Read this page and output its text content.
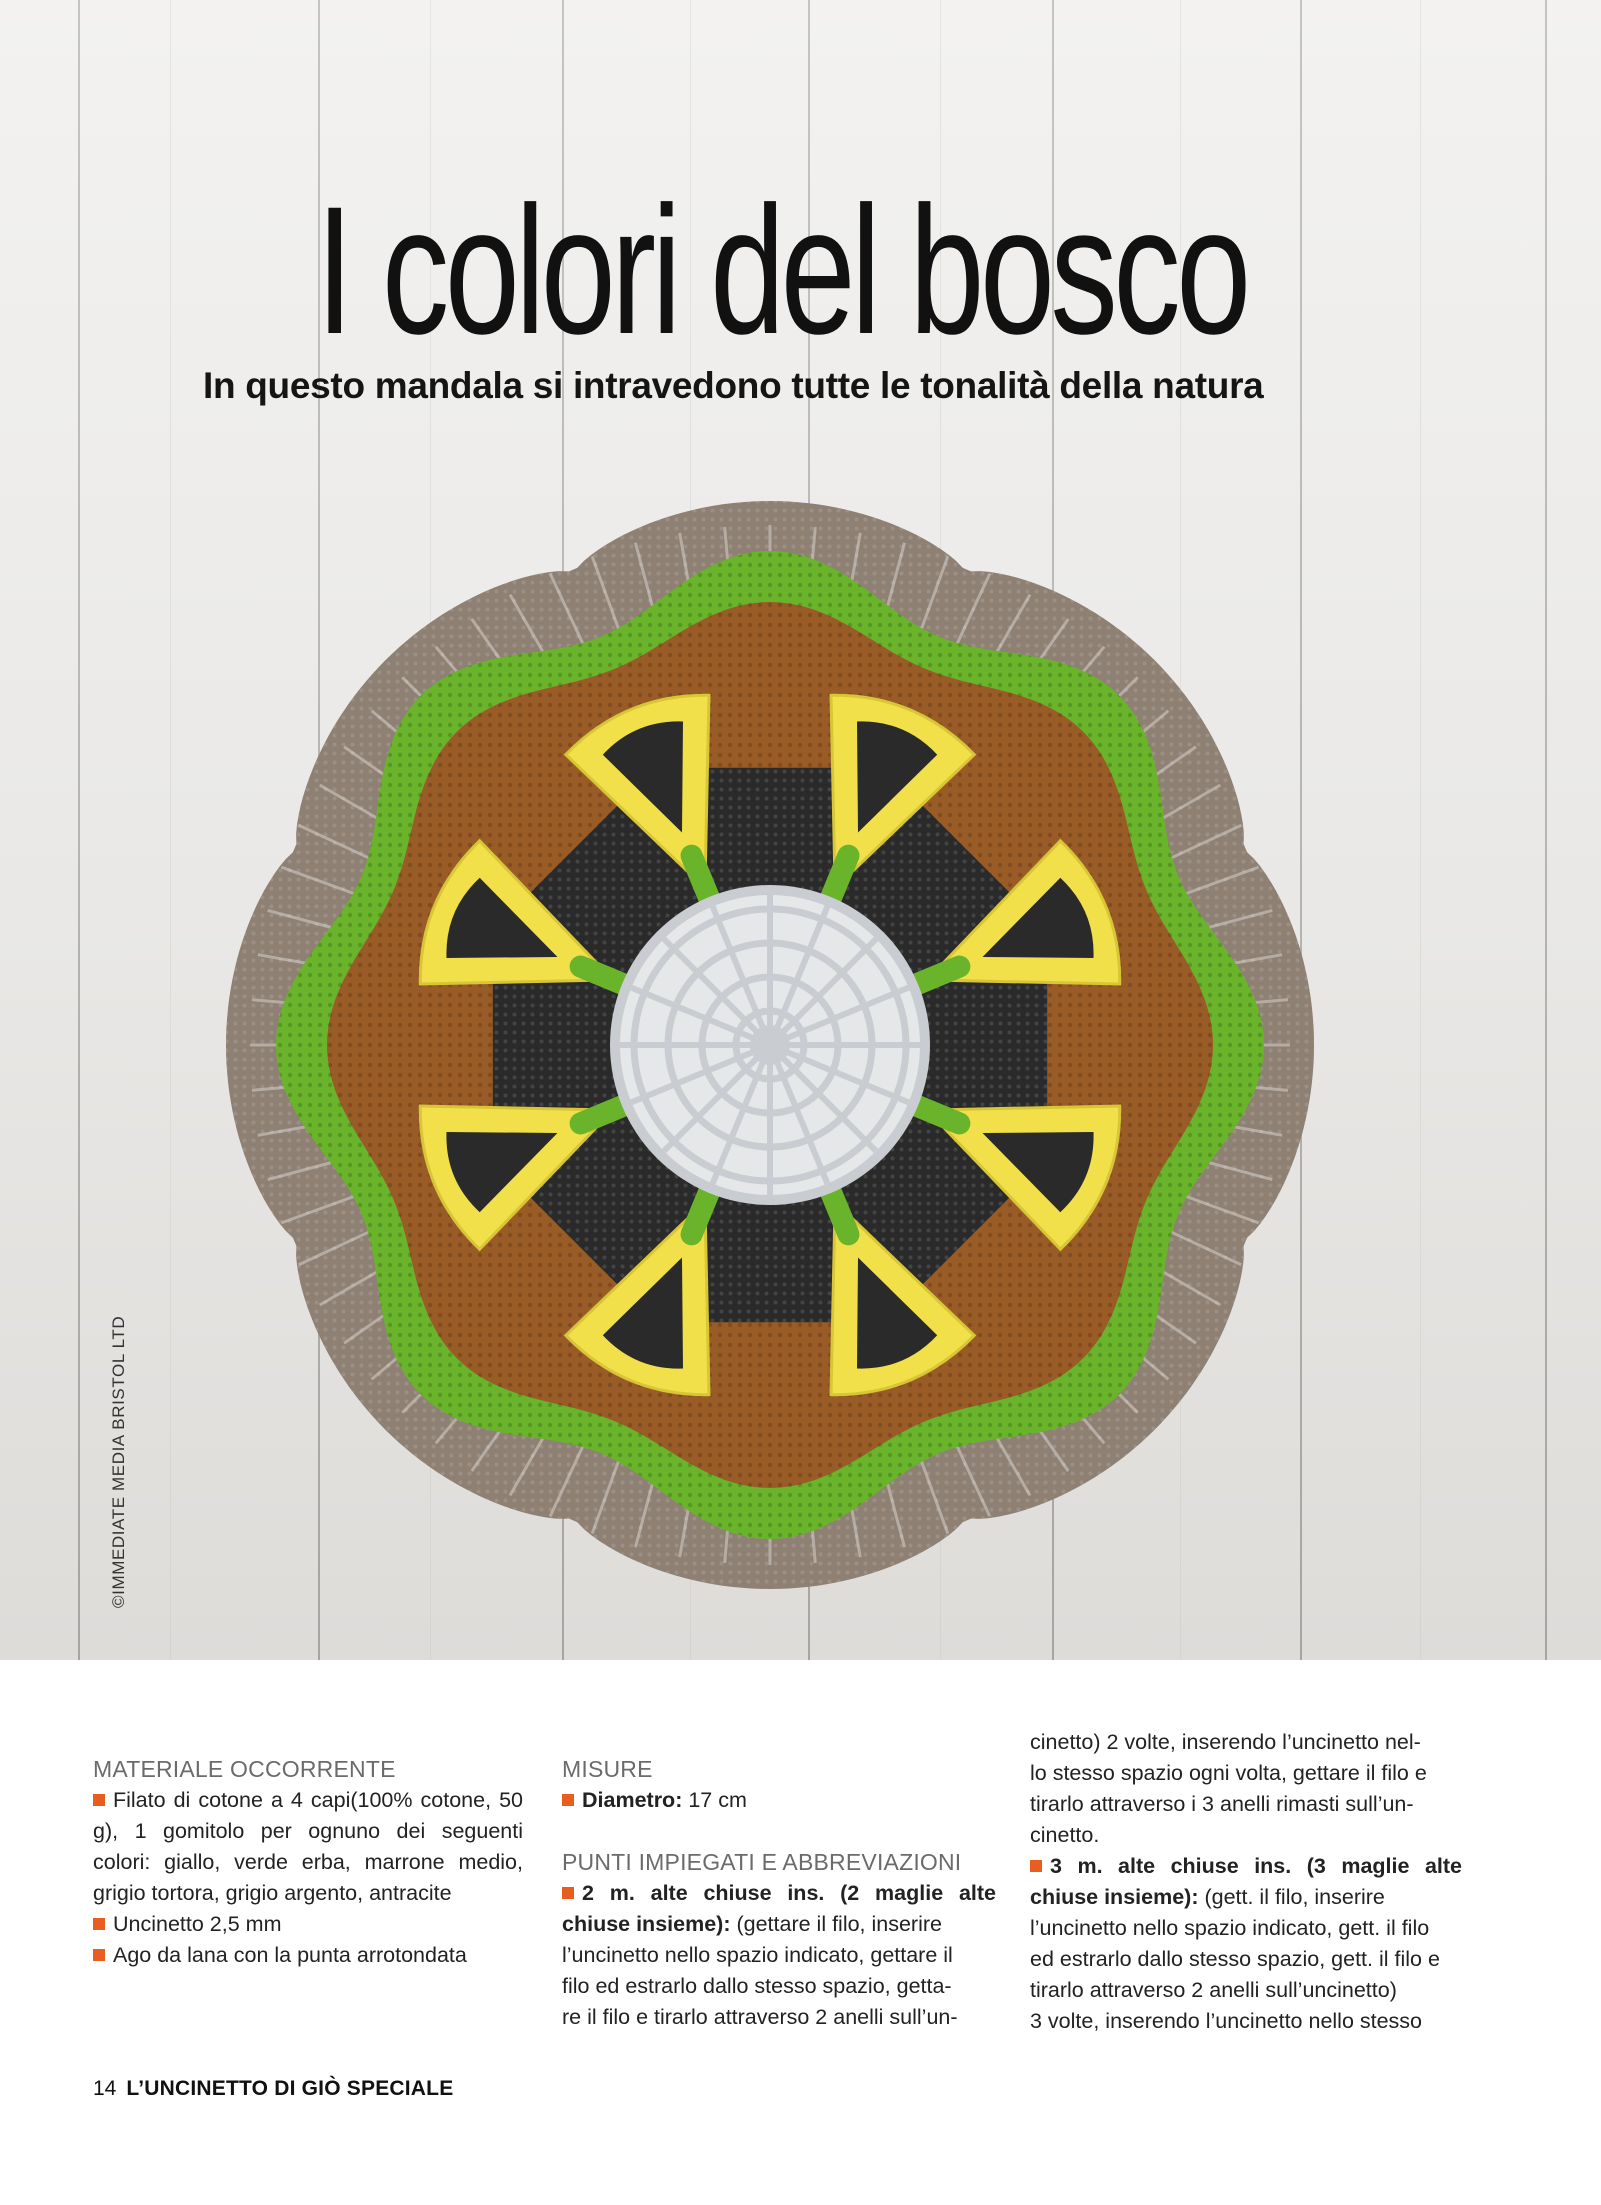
I colori del bosco
In questo mandala si intravedono tutte le tonalità della natura
©IMMEDIATE MEDIA BRISTOL LTD

MATERIALE OCCORRENTE

Filato di cotone a 4 capi(100% cotone, 50 g), 1 gomitolo per ognuno dei seguenti colori: giallo, verde erba, marrone medio, grigio tortora, grigio argento, antracite

Uncinetto 2,5 mm

Ago da lana con la punta arrotondata

MISURE

Diametro: 17 cm

PUNTI IMPIEGATI E ABBREVIAZIONI

2 m. alte chiuse ins. (2 maglie alte chiuse insieme): (gettare il filo, inserire

l’uncinetto nello spazio indicato, gettare il

filo ed estrarlo dallo stesso spazio, getta-

re il filo e tirarlo attraverso 2 anelli sull’un-

cinetto) 2 volte, inserendo l’uncinetto nel-

lo stesso spazio ogni volta, gettare il filo e

tirarlo attraverso i 3 anelli rimasti sull’un-

cinetto.

3 m. alte chiuse ins. (3 maglie alte chiuse insieme): (gett. il filo, inserire

l’uncinetto nello spazio indicato, gett. il filo

ed estrarlo dallo stesso spazio, gett. il filo e

tirarlo attraverso 2 anelli sull’uncinetto)

3 volte, inserendo l’uncinetto nello stesso

14 L’UNCINETTO DI GIÒ SPECIALE
